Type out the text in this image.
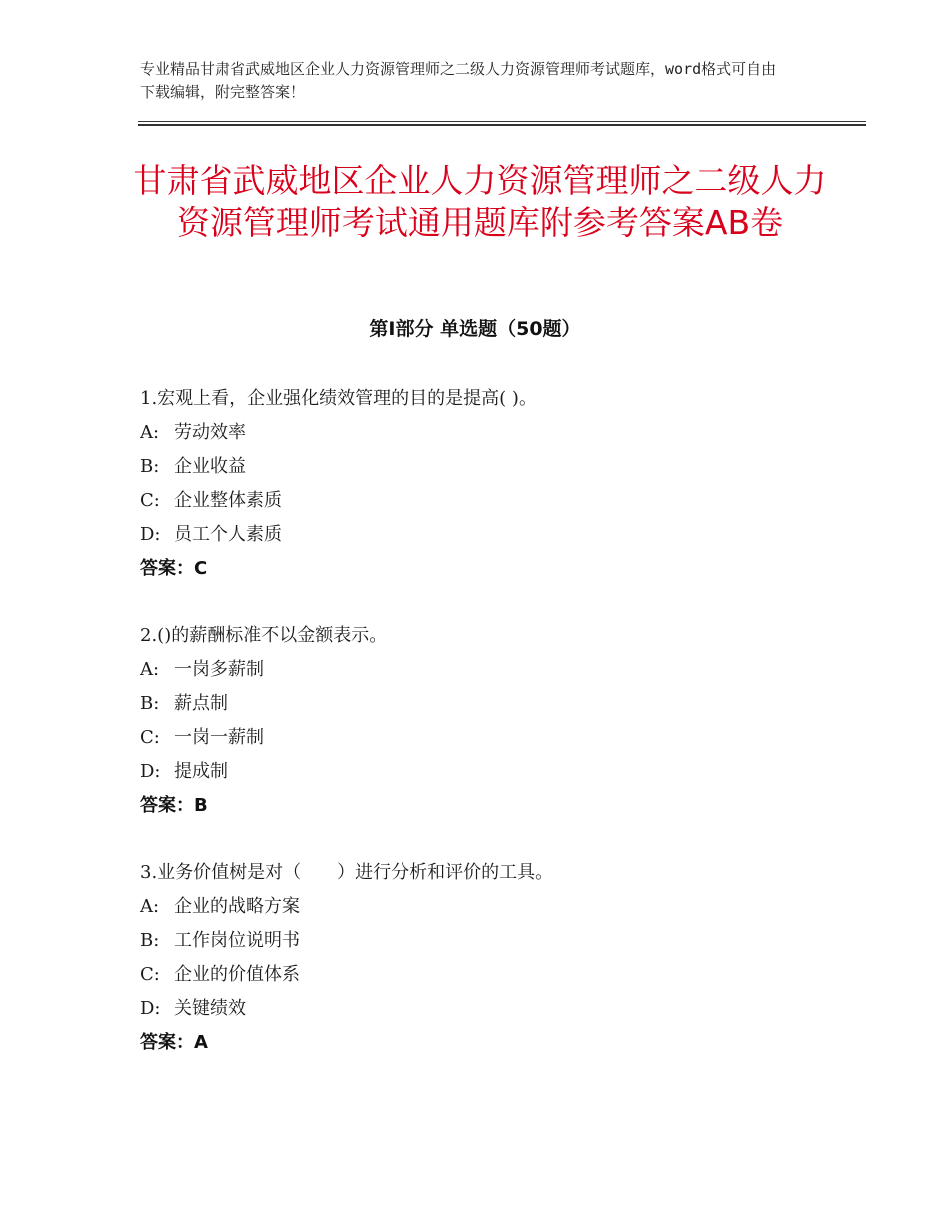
专业精品甘肃省武威地区企业人力资源管理师之二级人力资源管理师考试题库，word格式可自由下载编辑，附完整答案！
甘肃省武威地区企业人力资源管理师之二级人力资源管理师考试通用题库附参考答案AB卷
第Ⅰ部分 单选题（50题）
1.宏观上看，企业强化绩效管理的目的是提高( )。
A: 劳动效率
B: 企业收益
C: 企业整体素质
D: 员工个人素质
答案：C
2.()的薪酬标准不以金额表示。
A: 一岗多薪制
B: 薪点制
C: 一岗一薪制
D: 提成制
答案：B
3.业务价值树是对（　　）进行分析和评价的工具。
A: 企业的战略方案
B: 工作岗位说明书
C: 企业的价值体系
D: 关键绩效
答案：A
